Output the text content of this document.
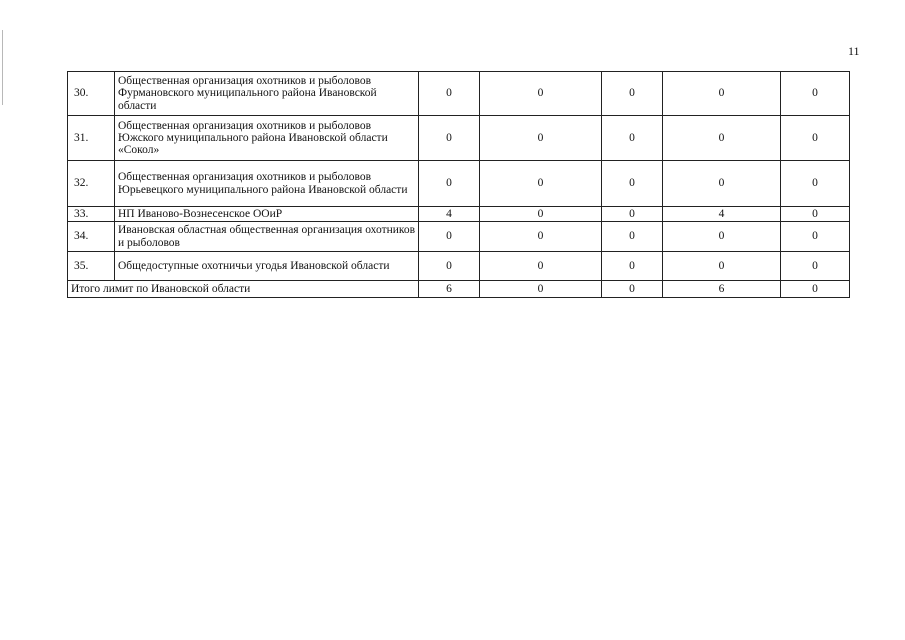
11
30.	Общественная организация охотников и рыболовов Фурмановского муниципального района Ивановской области	0	0	0	0	0
31.	Общественная организация охотников и рыболовов Южского муниципального района Ивановской области «Сокол»	0	0	0	0	0
32.	Общественная организация охотников и рыболовов Юрьевецкого муниципального района Ивановской области	0	0	0	0	0
33.	НП Иваново-Вознесенское ООиР	4	0	0	4	0
34.	Ивановская областная общественная организация охотников и рыболовов	0	0	0	0	0
35.	Общедоступные охотничьи угодья Ивановской области	0	0	0	0	0
Итого лимит по Ивановской области		6	0	0	6	0
